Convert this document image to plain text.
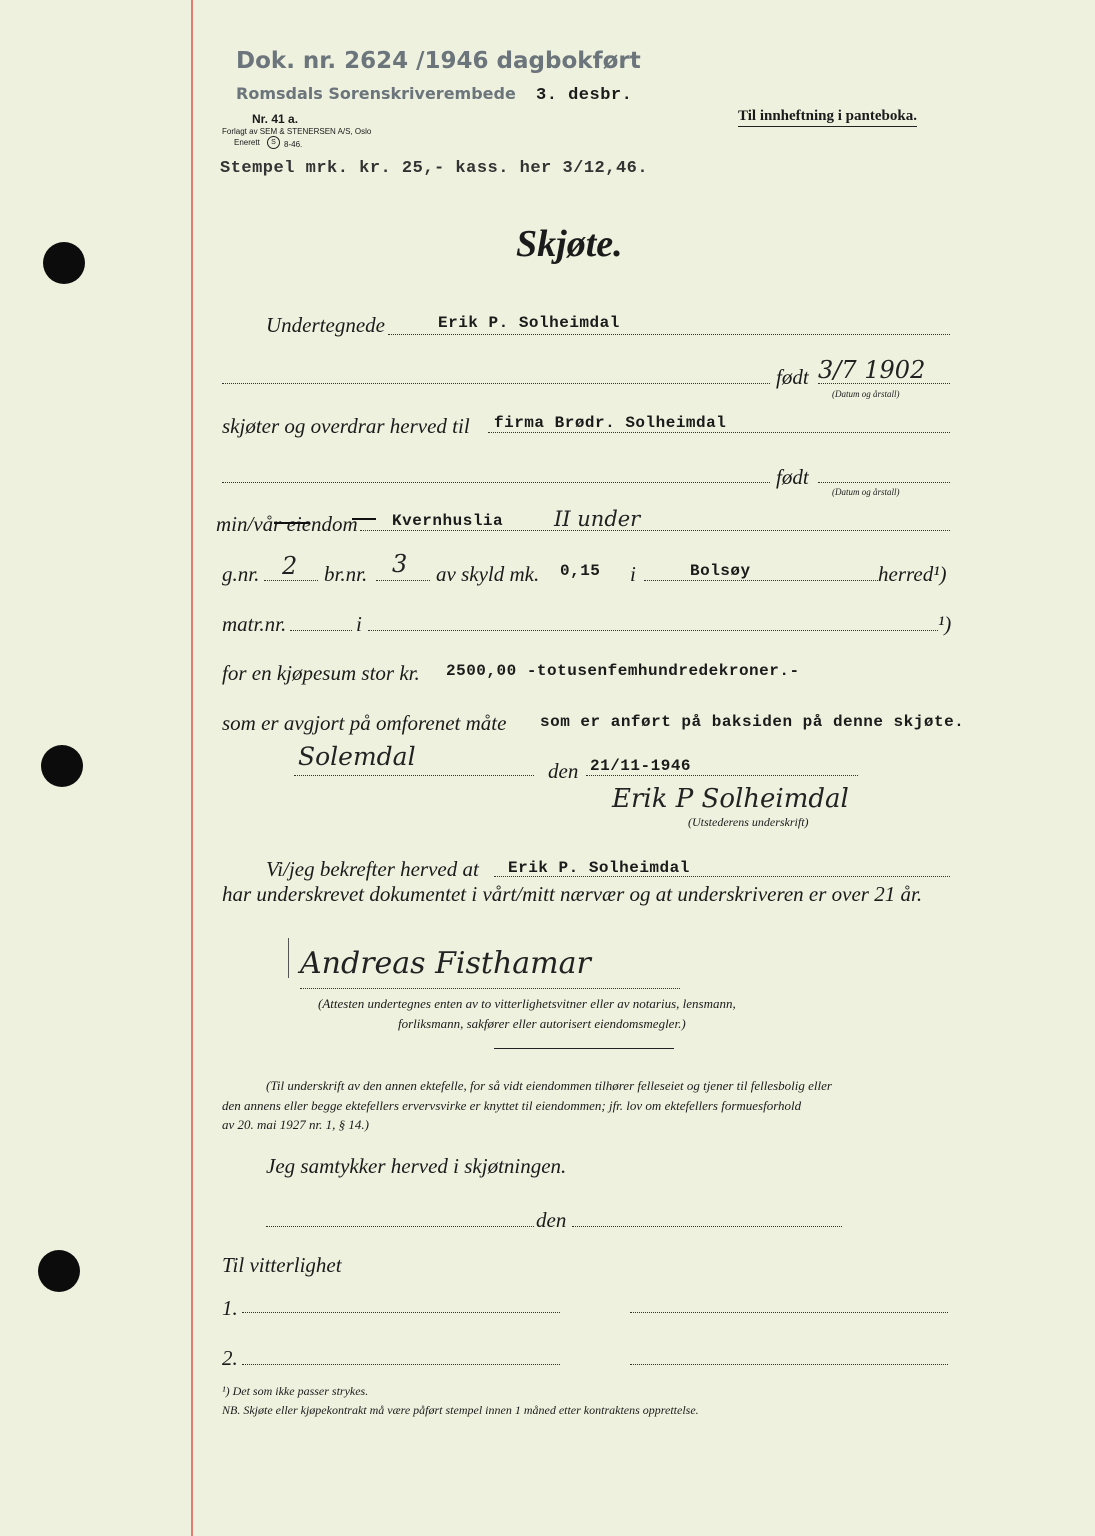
Dok. nr. 2624 /1946 dagbokført
Romsdals Sorenskriverembede 3. desbr.
Nr. 41 a.
Forlagt av SEM & STENERSEN A/S, Oslo
Enerett	S	8-46.
Til innheftning i panteboka.
Stempel mrk. kr. 25,- kass. her 3/12,46.
Skjøte.
Undertegnede	Erik P. Solheimdal
født 3/7 1902
(Datum og årstall)
skjøter og overdrar herved til firma Brødr. Solheimdal
født
(Datum og årstall)
min/vår eiendom Kvernhuslia II under
g.nr. 2 br.nr. 3 av skyld mk. 0,15 i	Bolsøy	herred¹)
matr.nr.	i	¹)
for en kjøpesum stor kr. 2500,00 -totusenfemhundredekroner.-
som er avgjort på omforenet måte som er anført på baksiden på denne skjøte.
Solemdal	den 21/11-1946
Erik P Solheimdal
(Utstederens underskrift)
Vi/jeg bekrefter herved at Erik P. Solheimdal
har underskrevet dokumentet i vårt/mitt nærvær og at underskriveren er over 21 år.
Andreas Fisthamar
(Attesten undertegnes enten av to vitterlighetsvitner eller av notarius, lensmann,
forliksmann, sakfører eller autorisert eiendomsmegler.)
(Til underskrift av den annen ektefelle, for så vidt eiendommen tilhører felleseiet og tjener til fellesbolig eller
den annens eller begge ektefellers ervervsvirke er knyttet til eiendommen; jfr. lov om ektefellers formuesforhold
av 20. mai 1927 nr. 1, § 14.)
Jeg samtykker herved i skjøtningen.
den
Til vitterlighet
1.
2.
¹) Det som ikke passer strykes.
NB. Skjøte eller kjøpekontrakt må være påført stempel innen 1 måned etter kontraktens opprettelse.
